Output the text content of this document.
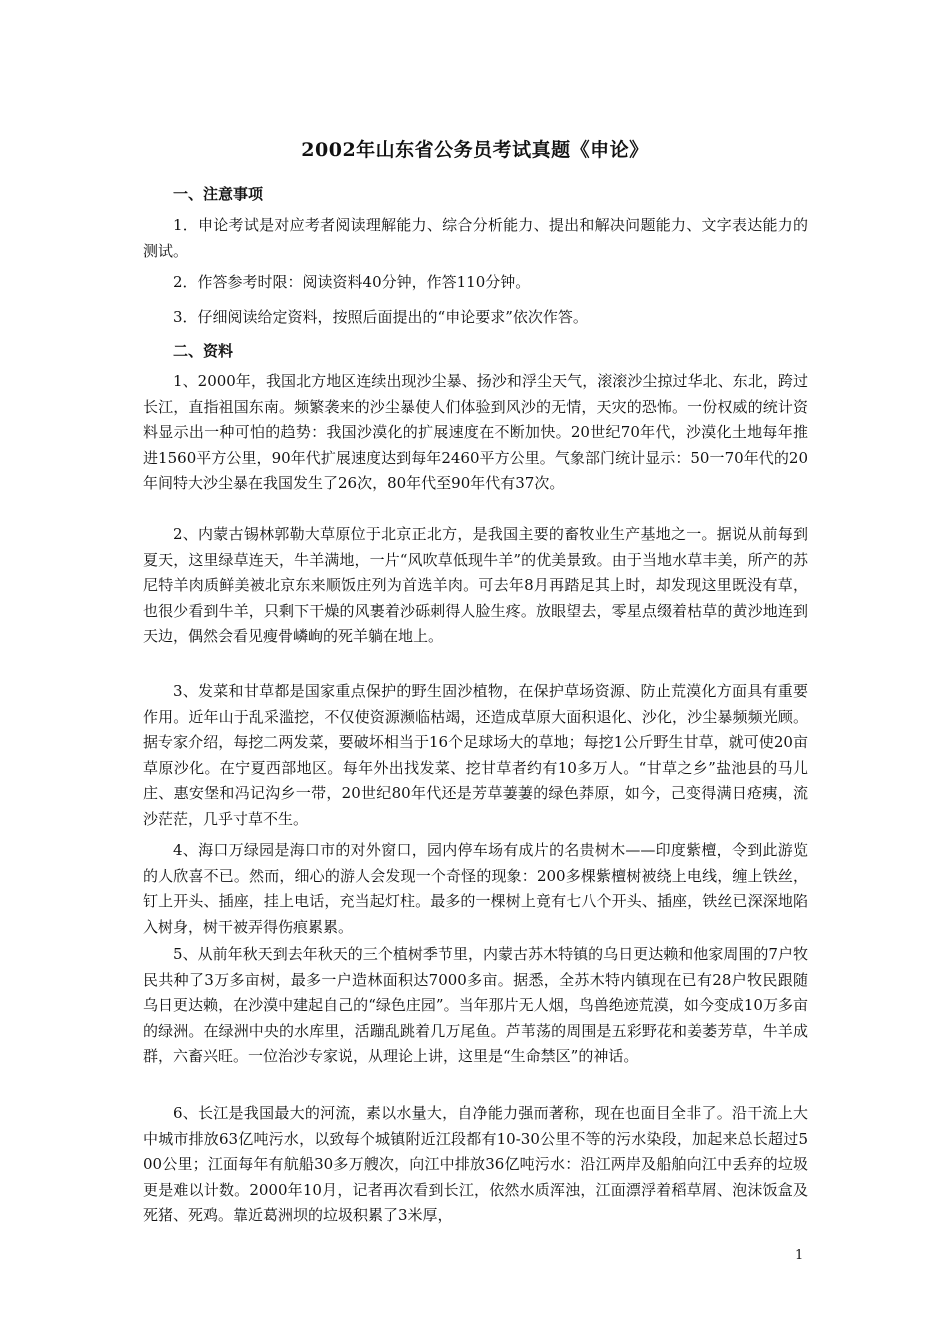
2002年山东省公务员考试真题《申论》
一、注意事项
1．申论考试是对应考者阅读理解能力、综合分析能力、提出和解决问题能力、文字表达能力的测试。
2．作答参考时限：阅读资料40分钟，作答110分钟。
3．仔细阅读给定资料，按照后面提出的“申论要求”依次作答。
二、资料
1、2000年，我国北方地区连续出现沙尘暴、扬沙和浮尘天气，滚滚沙尘掠过华北、东北，跨过长江，直指祖国东南。频繁袭来的沙尘暴使人们体验到风沙的无情，天灾的恐怖。一份权威的统计资料显示出一种可怕的趋势：我国沙漠化的扩展速度在不断加快。20世纪70年代，沙漠化土地每年推进1560平方公里，90年代扩展速度达到每年2460平方公里。气象部门统计显示：50一70年代的20年间特大沙尘暴在我国发生了26次，80年代至90年代有37次。
2、内蒙古锡林郭勒大草原位于北京正北方，是我国主要的畜牧业生产基地之一。据说从前每到夏天，这里绿草连天，牛羊满地，一片“风吹草低现牛羊”的优美景致。由于当地水草丰美，所产的苏尼特羊肉质鲜美被北京东来顺饭庄列为首选羊肉。可去年8月再踏足其上时，却发现这里既没有草，也很少看到牛羊，只剩下干燥的风裹着沙砾刺得人脸生疼。放眼望去，零星点缀着枯草的黄沙地连到天边，偶然会看见瘦骨嶙峋的死羊躺在地上。
3、发菜和甘草都是国家重点保护的野生固沙植物，在保护草场资源、防止荒漠化方面具有重要作用。近年山于乱采滥挖，不仅使资源濒临枯竭，还造成草原大面积退化、沙化，沙尘暴频频光顾。据专家介绍，每挖二两发菜，要破坏相当于16个足球场大的草地；每挖1公斤野生甘草，就可使20亩草原沙化。在宁夏西部地区。每年外出找发菜、挖甘草者约有10多万人。“甘草之乡”盐池县的马儿庄、惠安堡和冯记沟乡一带，20世纪80年代还是芳草萋萋的绿色莽原，如今，己变得满日疮痍，流沙茫茫，几乎寸草不生。
4、海口万绿园是海口市的对外窗口，园内停车场有成片的名贵树木——印度紫檀，令到此游览的人欣喜不已。然而，细心的游人会发现一个奇怪的现象：200多棵紫檀树被绕上电线，缠上铁丝，钉上开头、插座，挂上电话，充当起灯柱。最多的一棵树上竟有七八个开头、插座，铁丝已深深地陷入树身，树干被弄得伤痕累累。
5、从前年秋天到去年秋天的三个植树季节里，内蒙古苏木特镇的乌日更达赖和他家周围的7户牧民共种了3万多亩树，最多一户造林面积达7000多亩。据悉，全苏木特内镇现在已有28户牧民跟随乌日更达赖，在沙漠中建起自己的“绿色庄园”。当年那片无人烟，鸟兽绝迹荒漠，如今变成10万多亩的绿洲。在绿洲中央的水库里，活蹦乱跳着几万尾鱼。芦苇荡的周围是五彩野花和姜萎芳草，牛羊成群，六畜兴旺。一位治沙专家说，从理论上讲，这里是“生命禁区”的神话。
6、长江是我国最大的河流，素以水量大，自净能力强而著称，现在也面目全非了。沿干流上大中城市排放63亿吨污水，以致每个城镇附近江段都有10-30公里不等的污水染段，加起来总长超过500公里；江面每年有航船30多万艘次，向江中排放36亿吨污水：沿江两岸及船舶向江中丢弃的垃圾更是难以计数。2000年10月，记者再次看到长江，依然水质浑浊，江面漂浮着稻草屑、泡沫饭盒及死猪、死鸡。靠近葛洲坝的垃圾积累了3米厚，
1
